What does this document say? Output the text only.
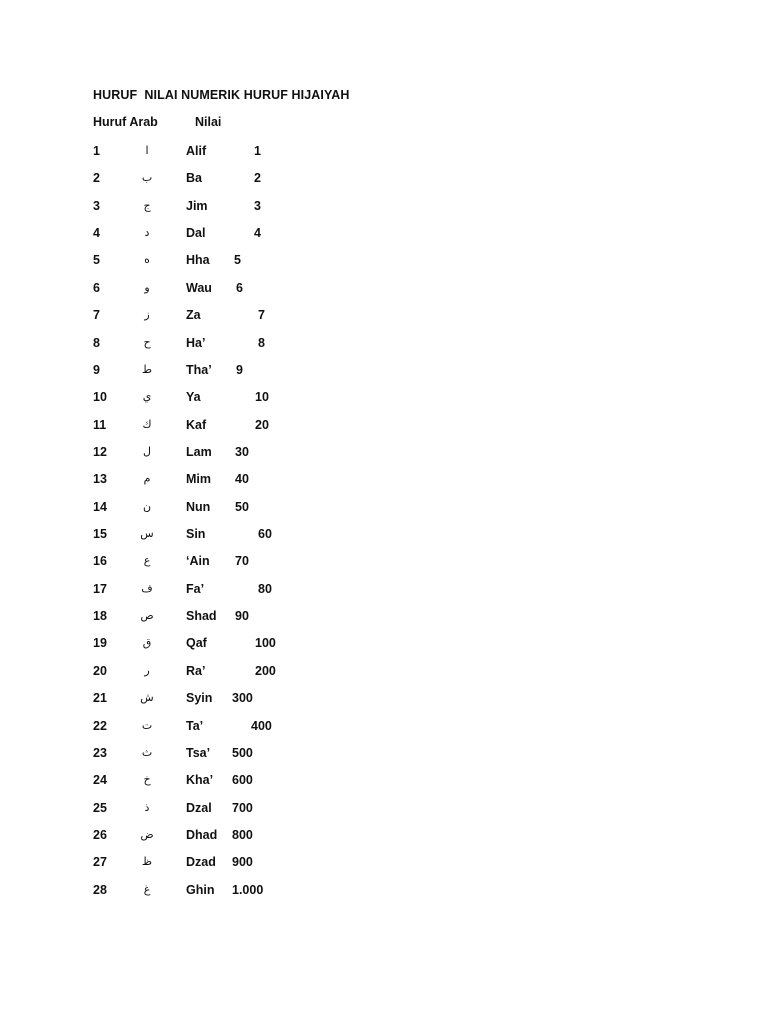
HURUF  NILAI NUMERIK HURUF HIJAIYAH
Huruf Arab	Nilai
1	ا	Alif	1
2	ب	Ba	2
3	ج	Jim	3
4	د	Dal	4
5	ه	Hha 5
6	و	Wau 6
7	ز	Za	7
8	ح	Ha’	8
9	ط	Tha’ 9
10	ي	Ya	10
11	ك	Kaf	20
12	ل	Lam 30
13	م	Mim 40
14	ن	Nun 50
15	س	Sin	60
16	ع	‘Ain 70
17	ف	Fa’	80
18	ص	Shad 90
19	ق	Qaf	100
20	ر	Ra’	200
21	ش	Syin 300
22	ت	Ta’	400
23	ث	Tsa’ 500
24	خ	Kha’ 600
25	ذ	Dzal 700
26	ض	Dhad 800
27	ظ	Dzad 900
28	غ	Ghin 1.000
